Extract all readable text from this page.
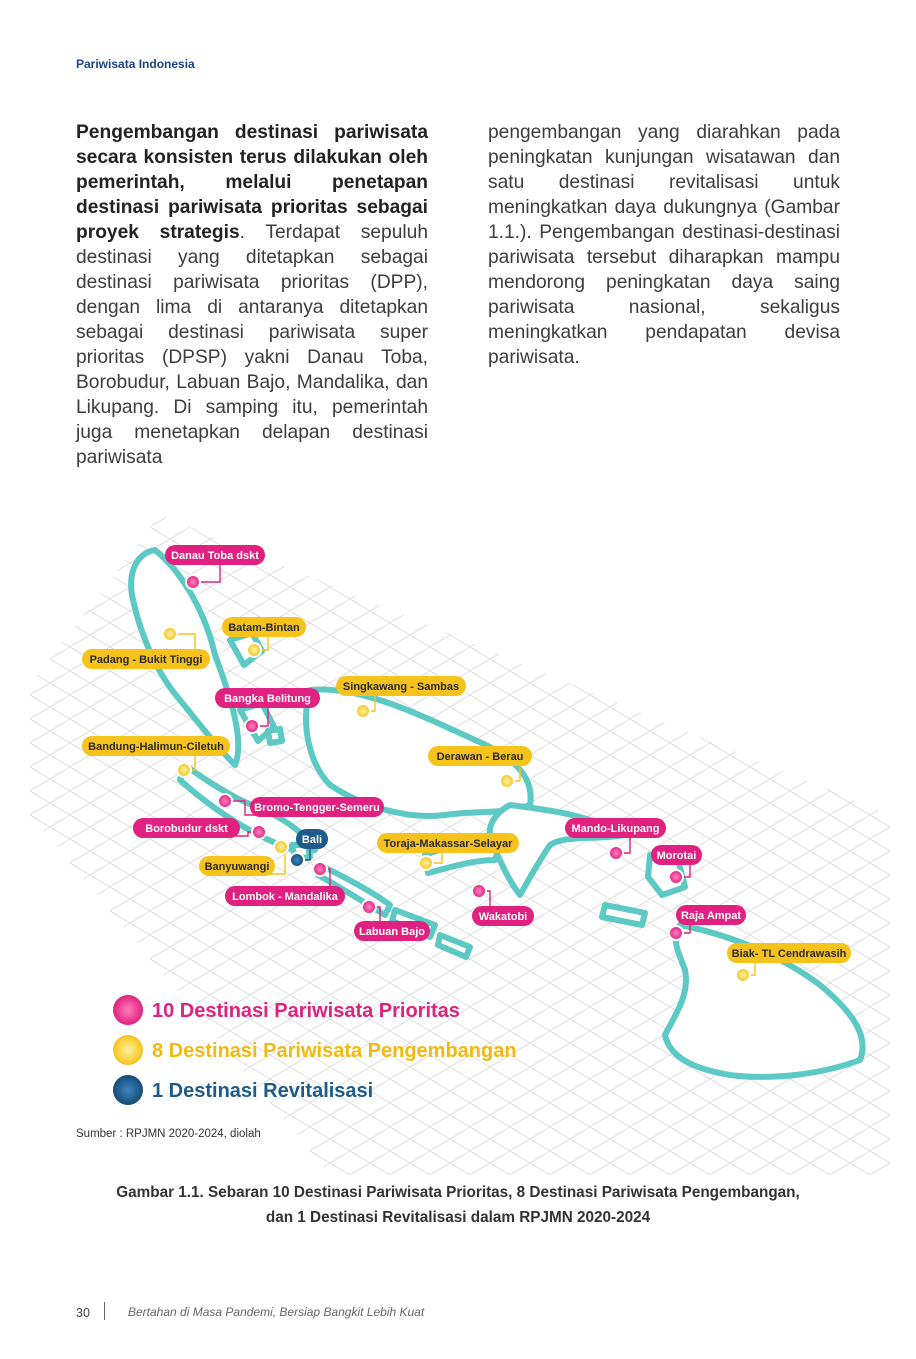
Pariwisata Indonesia
Pengembangan destinasi pariwisata secara konsisten terus dilakukan oleh pemerintah, melalui penetapan destinasi pariwisata prioritas sebagai proyek strategis. Terdapat sepuluh destinasi yang ditetapkan sebagai destinasi pariwisata prioritas (DPP), dengan lima di antaranya ditetapkan sebagai destinasi pariwisata super prioritas (DPSP) yakni Danau Toba, Borobudur, Labuan Bajo, Mandalika, dan Likupang. Di samping itu, pemerintah juga menetapkan delapan destinasi pariwisata
pengembangan yang diarahkan pada peningkatan kunjungan wisatawan dan satu destinasi revitalisasi untuk meningkatkan daya dukungnya (Gambar 1.1.). Pengembangan destinasi-destinasi pariwisata tersebut diharapkan mampu mendorong peningkatan daya saing pariwisata nasional, sekaligus meningkatkan pendapatan devisa pariwisata.
Danau Toba dskt
Batam-Bintan
Padang - Bukit Tinggi
Bangka Belitung
Singkawang - Sambas
Bandung-Halimun-Ciletuh
Derawan - Berau
Bromo-Tengger-Semeru
Borobudur dskt
Bali	Toraja-Makassar-Selayar
Mando-Likupang
Morotai
Banyuwangi
Lombok - Mandalika
Wakatobi	Raja Ampat
Labuan Bajo
Biak- TL Cendrawasih
10 Destinasi Pariwisata Prioritas
8 Destinasi Pariwisata Pengembangan
1 Destinasi Revitalisasi
Sumber : RPJMN 2020-2024, diolah
Gambar 1.1. Sebaran 10 Destinasi Pariwisata Prioritas, 8 Destinasi Pariwisata Pengembangan,
dan 1 Destinasi Revitalisasi dalam RPJMN 2020-2024
30	Bertahan di Masa Pandemi, Bersiap Bangkit Lebih Kuat
